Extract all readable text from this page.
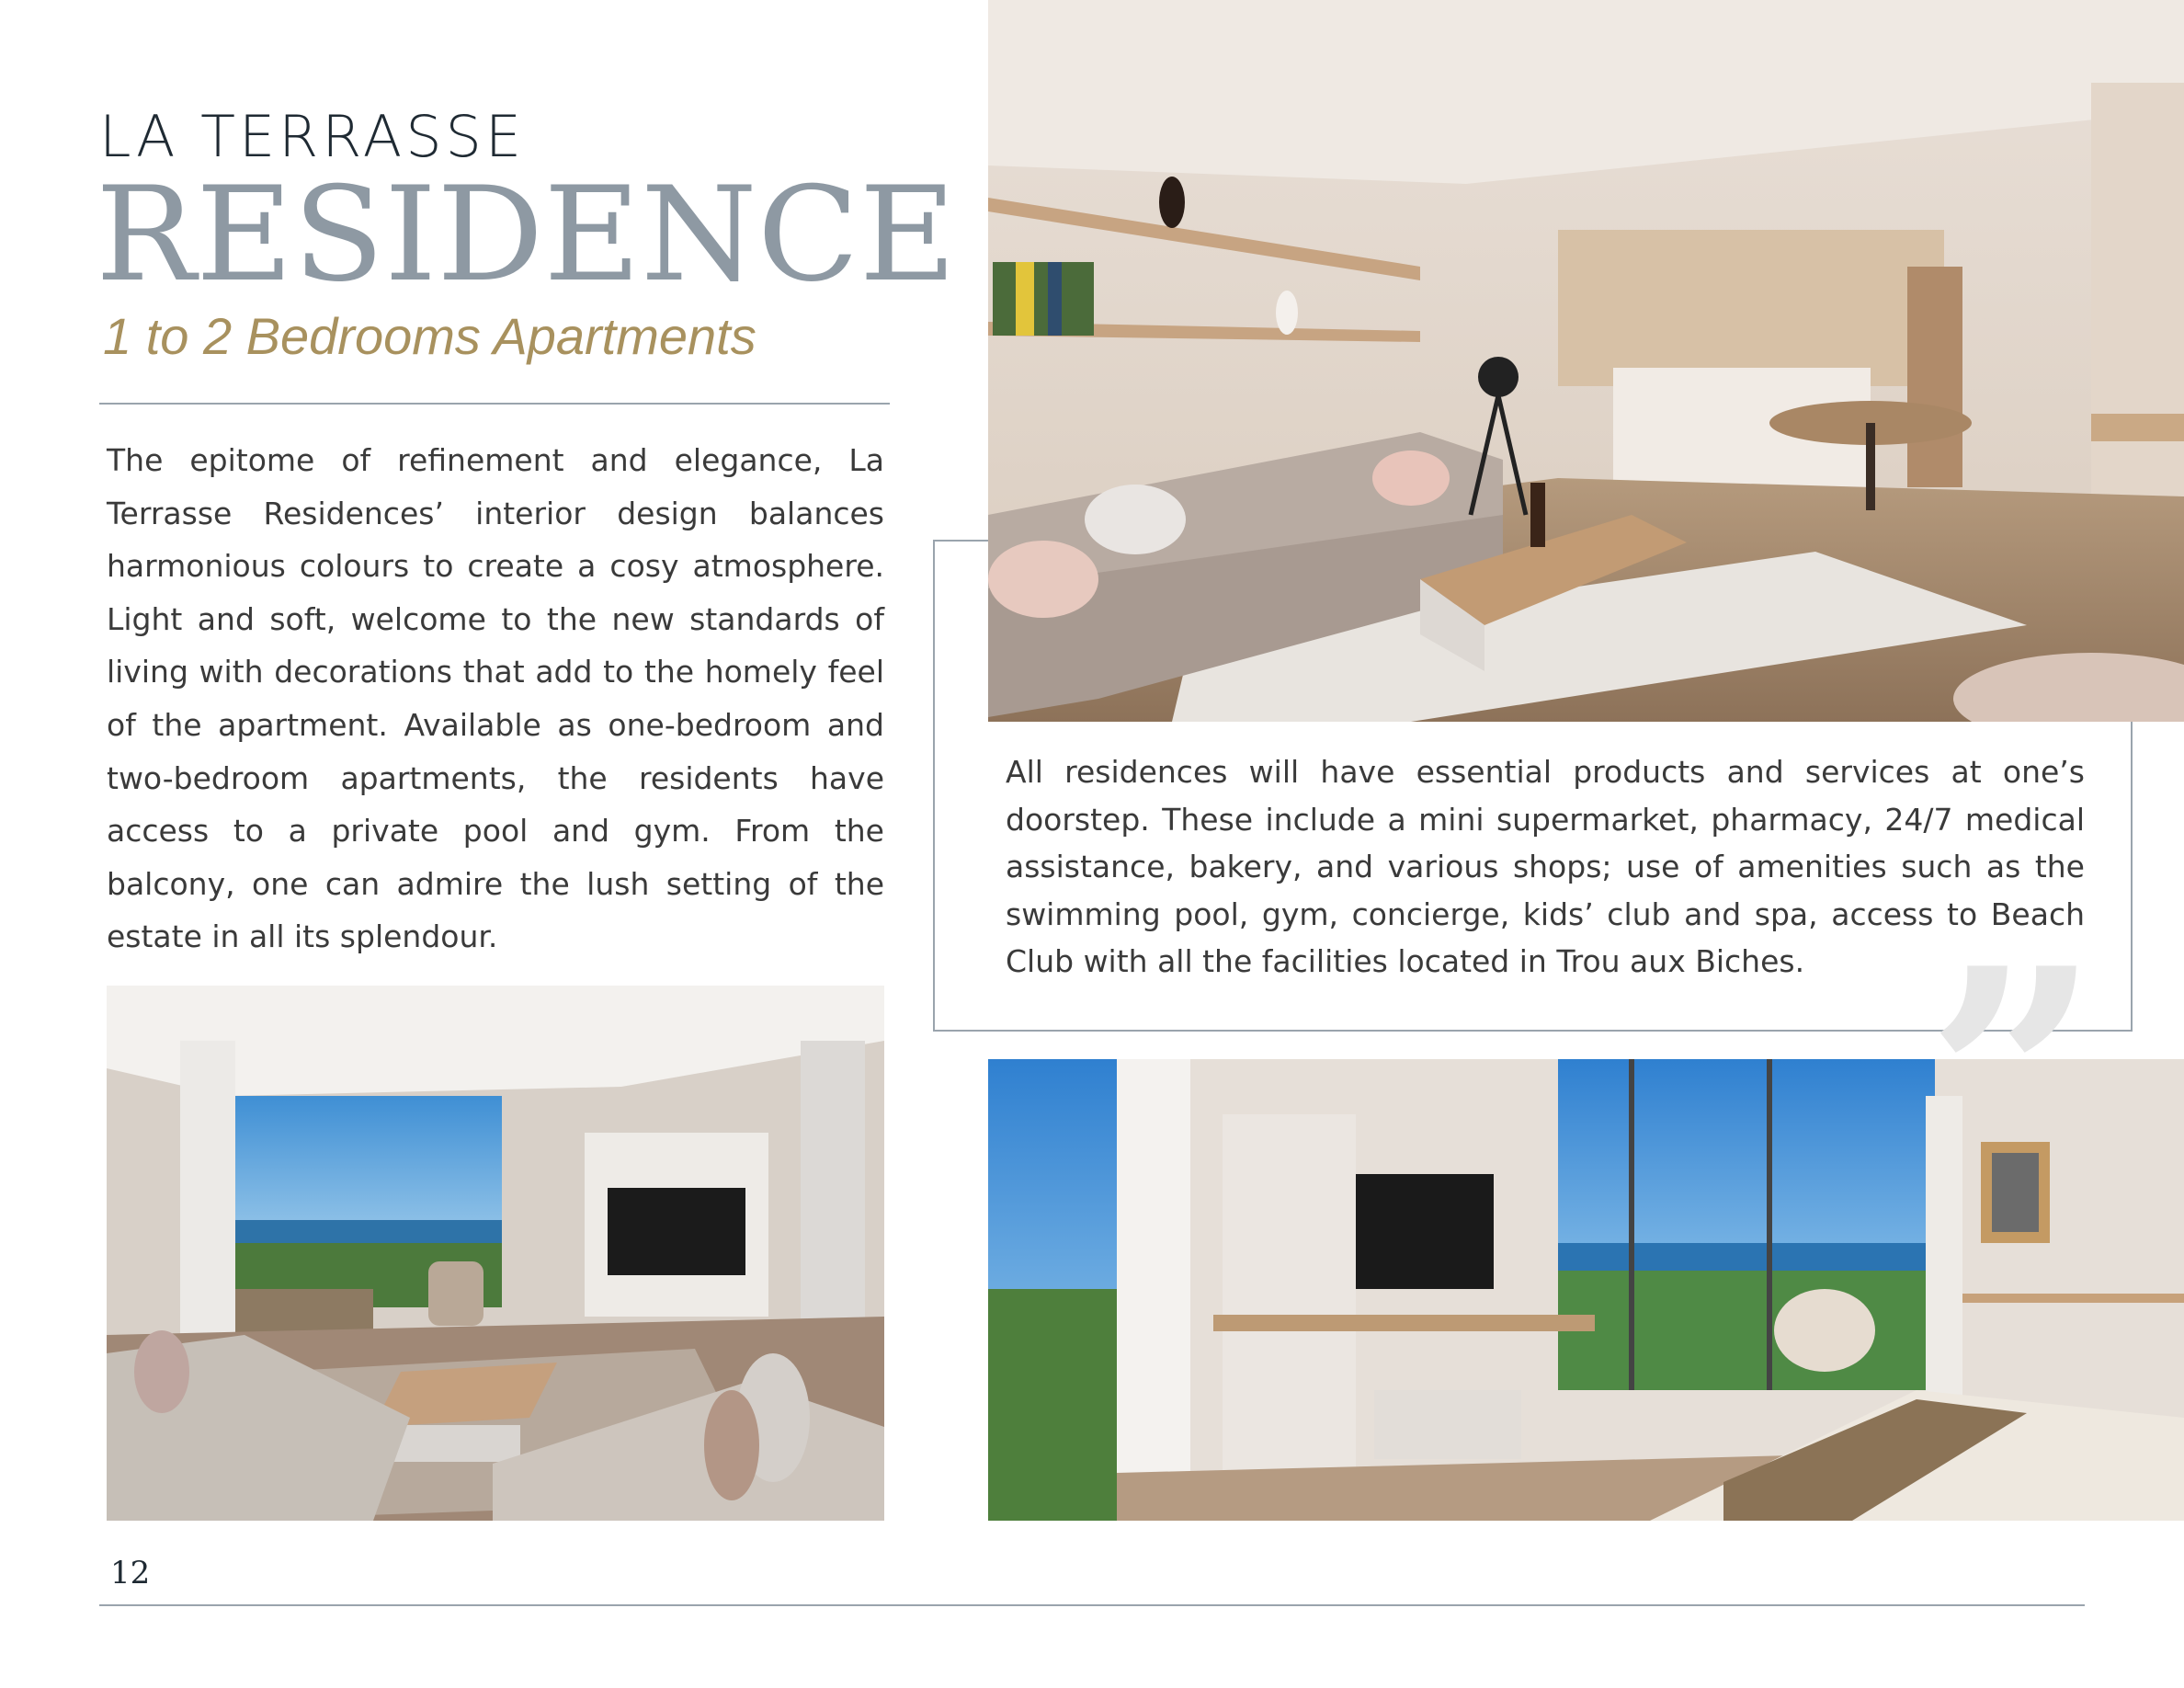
LA TERRASSE
RESIDENCE
1 to 2 Bedrooms Apartments
The epitome of refinement and elegance, La Terrasse Residences’ interior design balances harmonious colours to create a cosy atmosphere. Light and soft, welcome to the new standards of living with decorations that add to the homely feel of the apartment. Available as one-bedroom and two-bedroom apartments, the residents have access to a private pool and gym. From the balcony, one can admire the lush setting of the estate in all its splendour.
All residences will have essential products and services at one’s doorstep. These include a mini supermarket, pharmacy, 24/7 medical assistance, bakery, and various shops; use of amenities such as the swimming pool, gym, concierge, kids’ club and spa, access to Beach Club with all the facilities located in Trou aux Biches.
12
